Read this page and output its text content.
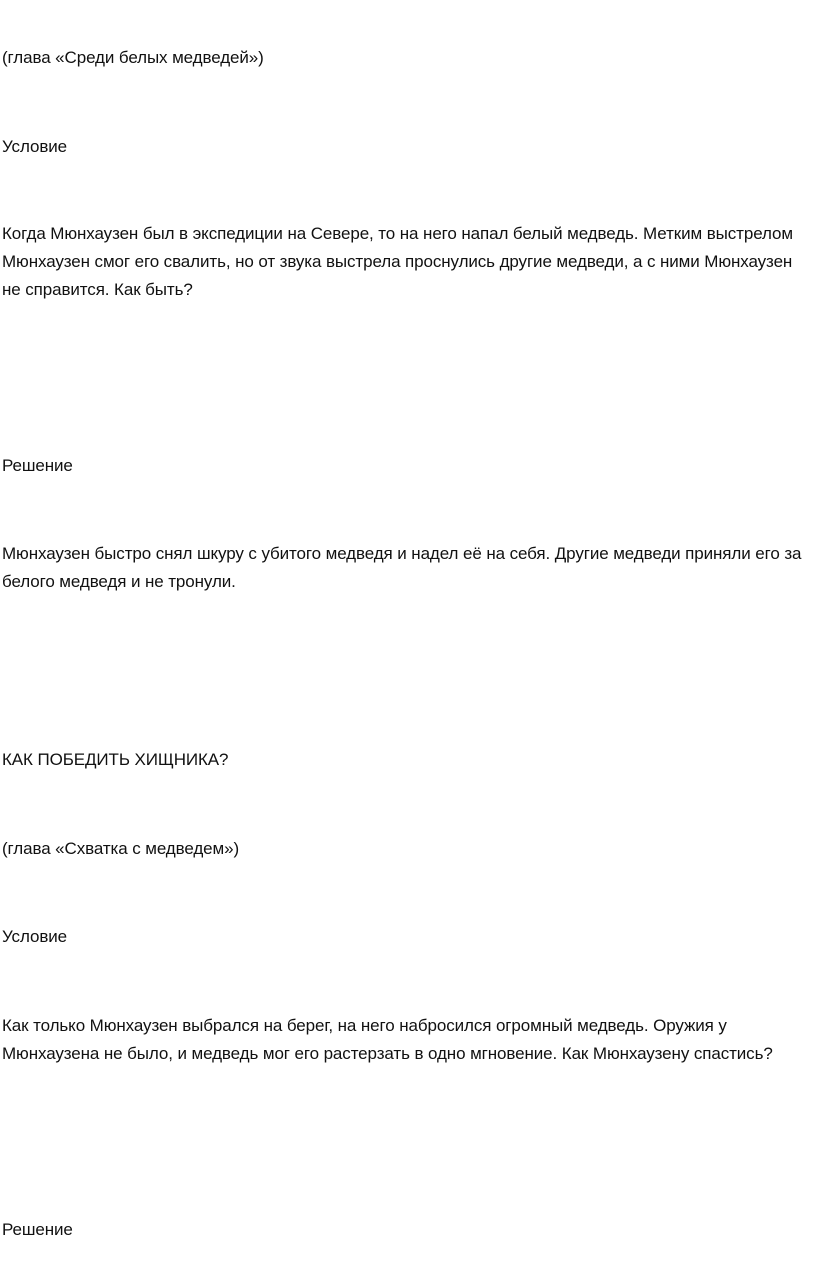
(глава «Среди белых медведей»)
Условие
Когда Мюнхаузен был в экспедиции на Севере, то на него напал белый медведь. Метким выстрелом Мюнхаузен смог его свалить, но от звука выстрела проснулись другие медведи, а с ними Мюнхаузен не справится. Как быть?
Решение
Мюнхаузен быстро снял шкуру с убитого медведя и надел её на себя. Другие медведи приняли его за белого медведя и не тронули.
КАК ПОБЕДИТЬ ХИЩНИКА?
(глава «Схватка с медведем»)
Условие
Как только Мюнхаузен выбрался на берег, на него набросился огромный медведь. Оружия у Мюнхаузена не было, и медведь мог его растерзать в одно мгновение. Как Мюнхаузену спастись?
Решение
